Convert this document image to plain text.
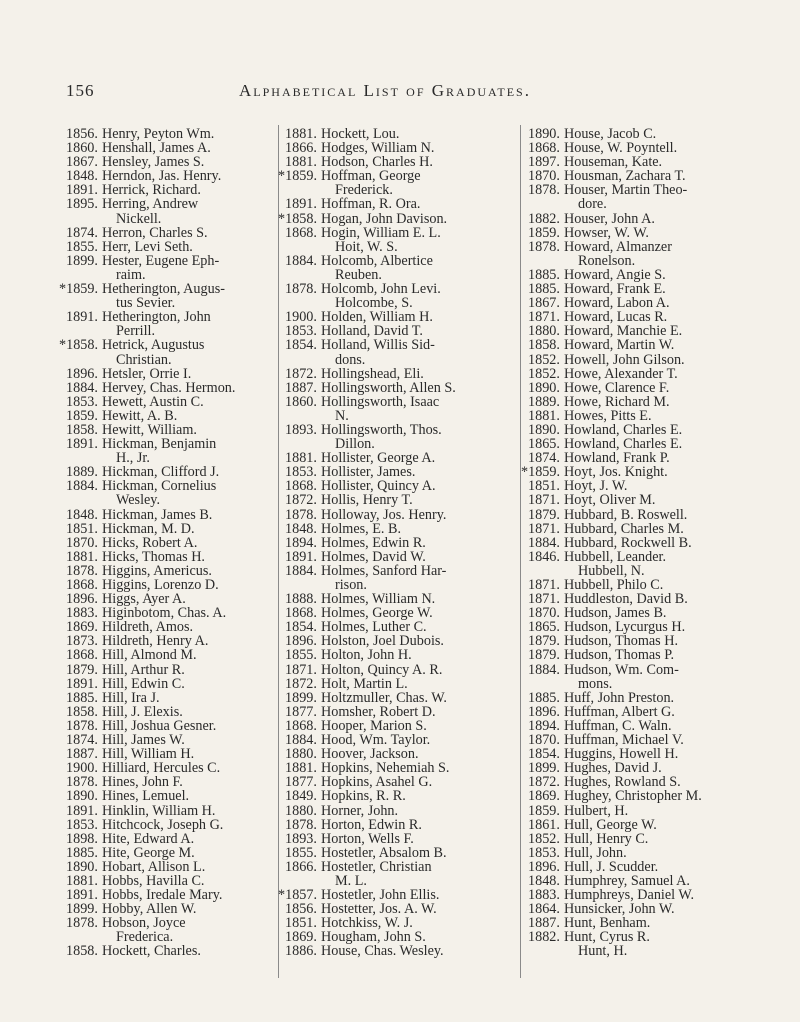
156	Alphabetical List of Graduates.
1856. Henry, Peyton Wm.
1860. Henshall, James A.
1867. Hensley, James S.
1848. Herndon, Jas. Henry.
1891. Herrick, Richard.
1895. Herring, Andrew
Nickell.
1874. Herron, Charles S.
1855. Herr, Levi Seth.
1899. Hester, Eugene Eph-
raim.
*1859. Hetherington, Augus-
tus Sevier.
1891. Hetherington, John
Perrill.
*1858. Hetrick, Augustus
Christian.
1896. Hetsler, Orrie I.
1884. Hervey, Chas. Hermon.
1853. Hewett, Austin C.
1859. Hewitt, A. B.
1858. Hewitt, William.
1891. Hickman, Benjamin
H., Jr.
1889. Hickman, Clifford J.
1884. Hickman, Cornelius
Wesley.
1848. Hickman, James B.
1851. Hickman, M. D.
1870. Hicks, Robert A.
1881. Hicks, Thomas H.
1878. Higgins, Americus.
1868. Higgins, Lorenzo D.
1896. Higgs, Ayer A.
1883. Higinbotom, Chas. A.
1869. Hildreth, Amos.
1873. Hildreth, Henry A.
1868. Hill, Almond M.
1879. Hill, Arthur R.
1891. Hill, Edwin C.
1885. Hill, Ira J.
1858. Hill, J. Elexis.
1878. Hill, Joshua Gesner.
1874. Hill, James W.
1887. Hill, William H.
1900. Hilliard, Hercules C.
1878. Hines, John F.
1890. Hines, Lemuel.
1891. Hinklin, William H.
1853. Hitchcock, Joseph G.
1898. Hite, Edward A.
1885. Hite, George M.
1890. Hobart, Allison L.
1881. Hobbs, Havilla C.
1891. Hobbs, Iredale Mary.
1899. Hobby, Allen W.
1878. Hobson, Joyce
Frederica.
1858. Hockett, Charles.
1881. Hockett, Lou.
1866. Hodges, William N.
1881. Hodson, Charles H.
*1859. Hoffman, George
Frederick.
1891. Hoffman, R. Ora.
*1858. Hogan, John Davison.
1868. Hogin, William E. L.
Hoit, W. S.
1884. Holcomb, Albertice
Reuben.
1878. Holcomb, John Levi.
Holcombe, S.
1900. Holden, William H.
1853. Holland, David T.
1854. Holland, Willis Sid-
dons.
1872. Hollingshead, Eli.
1887. Hollingsworth, Allen S.
1860. Hollingsworth, Isaac
N.
1893. Hollingsworth, Thos.
Dillon.
1881. Hollister, George A.
1853. Hollister, James.
1868. Hollister, Quincy A.
1872. Hollis, Henry T.
1878. Holloway, Jos. Henry.
1848. Holmes, E. B.
1894. Holmes, Edwin R.
1891. Holmes, David W.
1884. Holmes, Sanford Har-
rison.
1888. Holmes, William N.
1868. Holmes, George W.
1854. Holmes, Luther C.
1896. Holston, Joel Dubois.
1855. Holton, John H.
1871. Holton, Quincy A. R.
1872. Holt, Martin L.
1899. Holtzmuller, Chas. W.
1877. Homsher, Robert D.
1868. Hooper, Marion S.
1884. Hood, Wm. Taylor.
1880. Hoover, Jackson.
1881. Hopkins, Nehemiah S.
1877. Hopkins, Asahel G.
1849. Hopkins, R. R.
1880. Horner, John.
1878. Horton, Edwin R.
1893. Horton, Wells F.
1855. Hostetler, Absalom B.
1866. Hostetler, Christian
M. L.
*1857. Hostetler, John Ellis.
1856. Hostetter, Jos. A. W.
1851. Hotchkiss, W. J.
1869. Hougham, John S.
1886. House, Chas. Wesley.
1890. House, Jacob C.
1868. House, W. Poyntell.
1897. Houseman, Kate.
1870. Housman, Zachara T.
1878. Houser, Martin Theo-
dore.
1882. Houser, John A.
1859. Howser, W. W.
1878. Howard, Almanzer
Ronelson.
1885. Howard, Angie S.
1885. Howard, Frank E.
1867. Howard, Labon A.
1871. Howard, Lucas R.
1880. Howard, Manchie E.
1858. Howard, Martin W.
1852. Howell, John Gilson.
1852. Howe, Alexander T.
1890. Howe, Clarence F.
1889. Howe, Richard M.
1881. Howes, Pitts E.
1890. Howland, Charles E.
1865. Howland, Charles E.
1874. Howland, Frank P.
*1859. Hoyt, Jos. Knight.
1851. Hoyt, J. W.
1871. Hoyt, Oliver M.
1879. Hubbard, B. Roswell.
1871. Hubbard, Charles M.
1884. Hubbard, Rockwell B.
1846. Hubbell, Leander.
Hubbell, N.
1871. Hubbell, Philo C.
1871. Huddleston, David B.
1870. Hudson, James B.
1865. Hudson, Lycurgus H.
1879. Hudson, Thomas H.
1879. Hudson, Thomas P.
1884. Hudson, Wm. Com-
mons.
1885. Huff, John Preston.
1896. Huffman, Albert G.
1894. Huffman, C. Waln.
1870. Huffman, Michael V.
1854. Huggins, Howell H.
1899. Hughes, David J.
1872. Hughes, Rowland S.
1869. Hughey, Christopher M.
1859. Hulbert, H.
1861. Hull, George W.
1852. Hull, Henry C.
1853. Hull, John.
1896. Hull, J. Scudder.
1848. Humphrey, Samuel A.
1883. Humphreys, Daniel W.
1864. Hunsicker, John W.
1887. Hunt, Benham.
1882. Hunt, Cyrus R.
Hunt, H.
